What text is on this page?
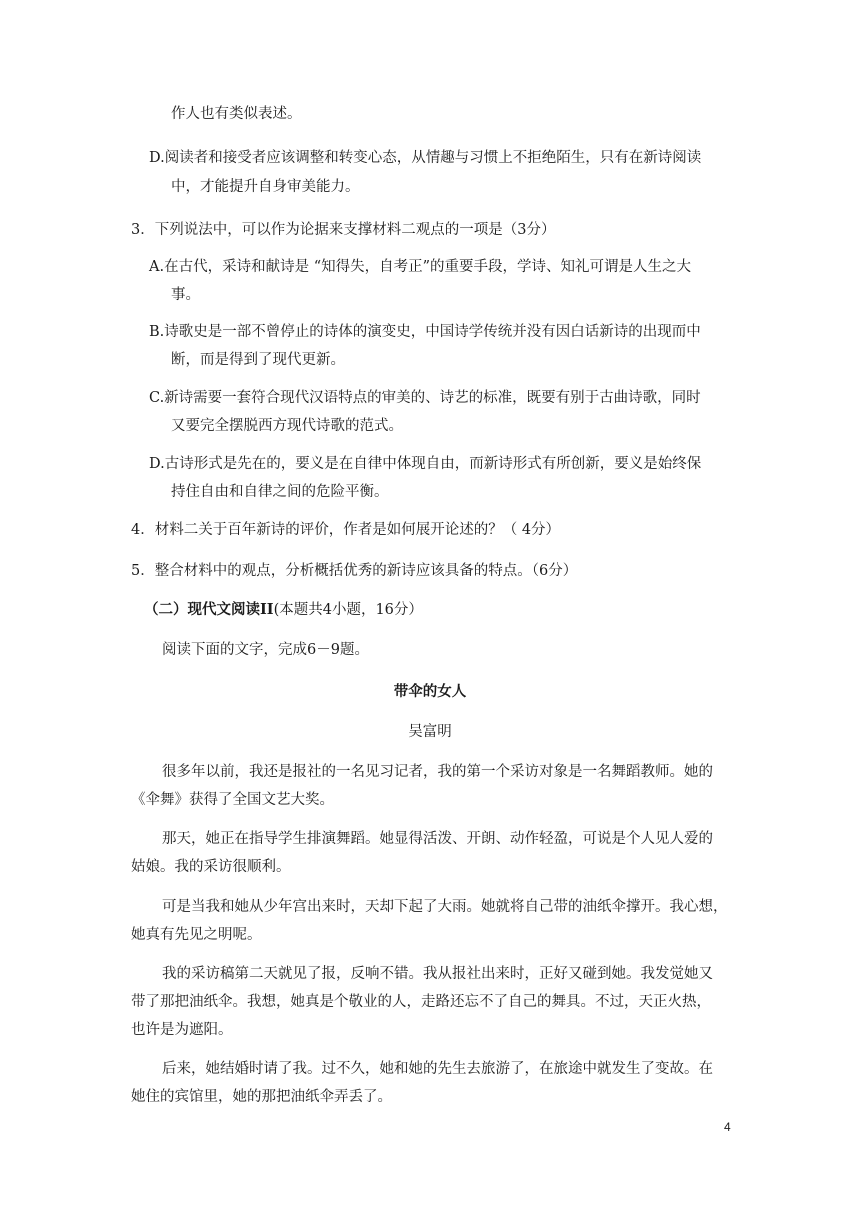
作人也有类似表述。
D.阅读者和接受者应该调整和转变心态，从情趣与习惯上不拒绝陌生，只有在新诗阅读
中，才能提升自身审美能力。
3．下列说法中，可以作为论据来支撑材料二观点的一项是（3分）
A.在古代，采诗和献诗是 “知得失，自考正”的重要手段，学诗、知礼可谓是人生之大
事。
B.诗歌史是一部不曾停止的诗体的演变史，中国诗学传统并没有因白话新诗的出现而中
断，而是得到了现代更新。
C.新诗需要一套符合现代汉语特点的审美的、诗艺的标准，既要有别于古曲诗歌，同时
又要完全摆脱西方现代诗歌的范式。
D.古诗形式是先在的，要义是在自律中体现自由，而新诗形式有所创新，要义是始终保
持住自由和自律之间的危险平衡。
4．材料二关于百年新诗的评价，作者是如何展开论述的？（ 4分）
5．整合材料中的观点，分析概括优秀的新诗应该具备的特点。（6分）
（二）现代文阅读II(本题共4小题，16分）
阅读下面的文字，完成6－9题。
带伞的女人
吴富明
很多年以前，我还是报社的一名见习记者，我的第一个采访对象是一名舞蹈教师。她的
《伞舞》获得了全国文艺大奖。
那天，她正在指导学生排演舞蹈。她显得活泼、开朗、动作轻盈，可说是个人见人爱的
姑娘。我的采访很顺利。
可是当我和她从少年宫出来时，天却下起了大雨。她就将自己带的油纸伞撑开。我心想，
她真有先见之明呢。
我的采访稿第二天就见了报，反响不错。我从报社出来时，正好又碰到她。我发觉她又
带了那把油纸伞。我想，她真是个敬业的人，走路还忘不了自己的舞具。不过，天正火热，
也许是为遮阳。
后来，她结婚时请了我。过不久，她和她的先生去旅游了，在旅途中就发生了变故。在
她住的宾馆里，她的那把油纸伞弄丢了。
4
